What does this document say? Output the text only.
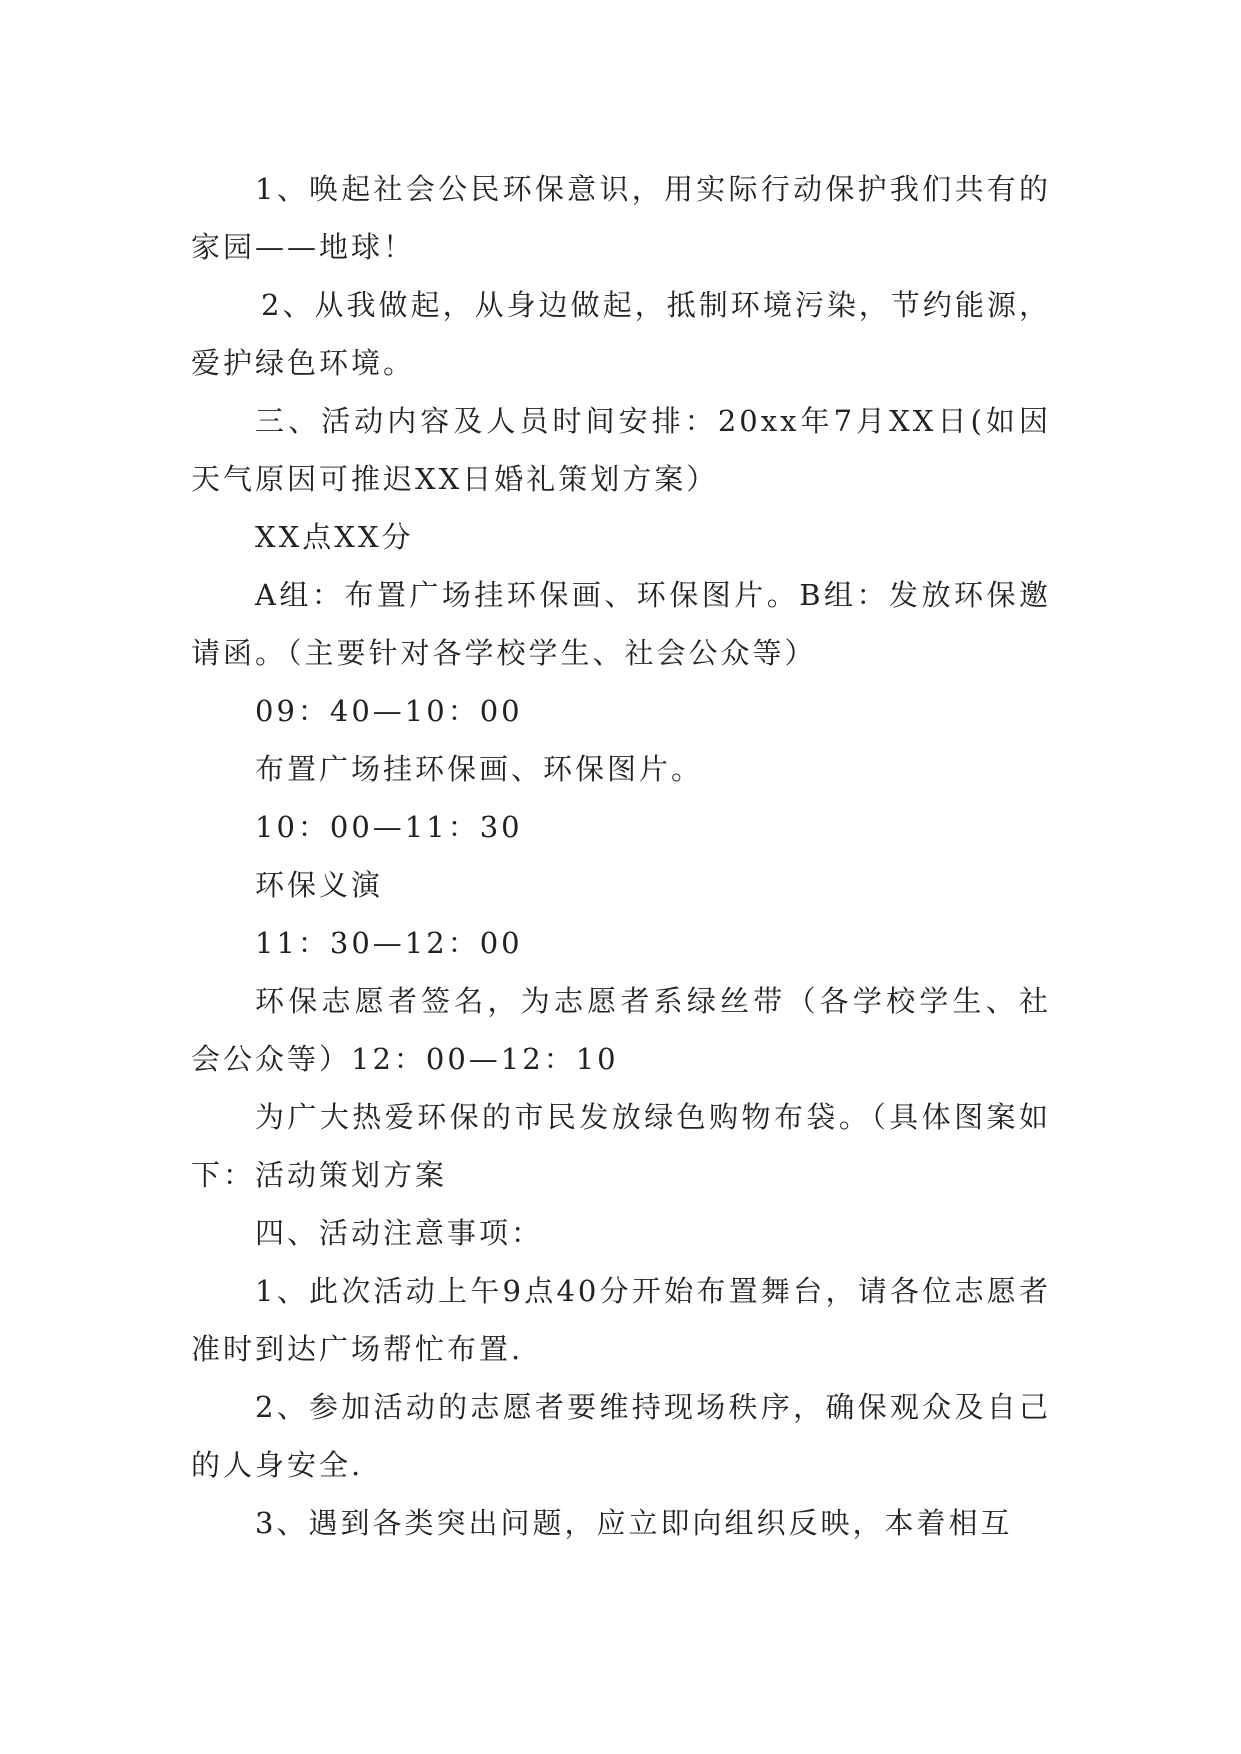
1、唤起社会公民环保意识，用实际行动保护我们共有的家园——地球！

2、从我做起，从身边做起，抵制环境污染，节约能源，爱护绿色环境。

三、活动内容及人员时间安排：20xx年7月XX日(如因天气原因可推迟XX日婚礼策划方案）

XX点XX分

A组：布置广场挂环保画、环保图片。B组：发放环保邀请函。（主要针对各学校学生、社会公众等）

09：40—10：00

布置广场挂环保画、环保图片。

10：00—11：30

环保义演

11：30—12：00

环保志愿者签名，为志愿者系绿丝带（各学校学生、社会公众等）12：00—12：10

为广大热爱环保的市民发放绿色购物布袋。（具体图案如下：活动策划方案

四、活动注意事项：

1、此次活动上午9点40分开始布置舞台，请各位志愿者准时到达广场帮忙布置.

2、参加活动的志愿者要维持现场秩序，确保观众及自己的人身安全.

3、遇到各类突出问题，应立即向组织反映，本着相互
